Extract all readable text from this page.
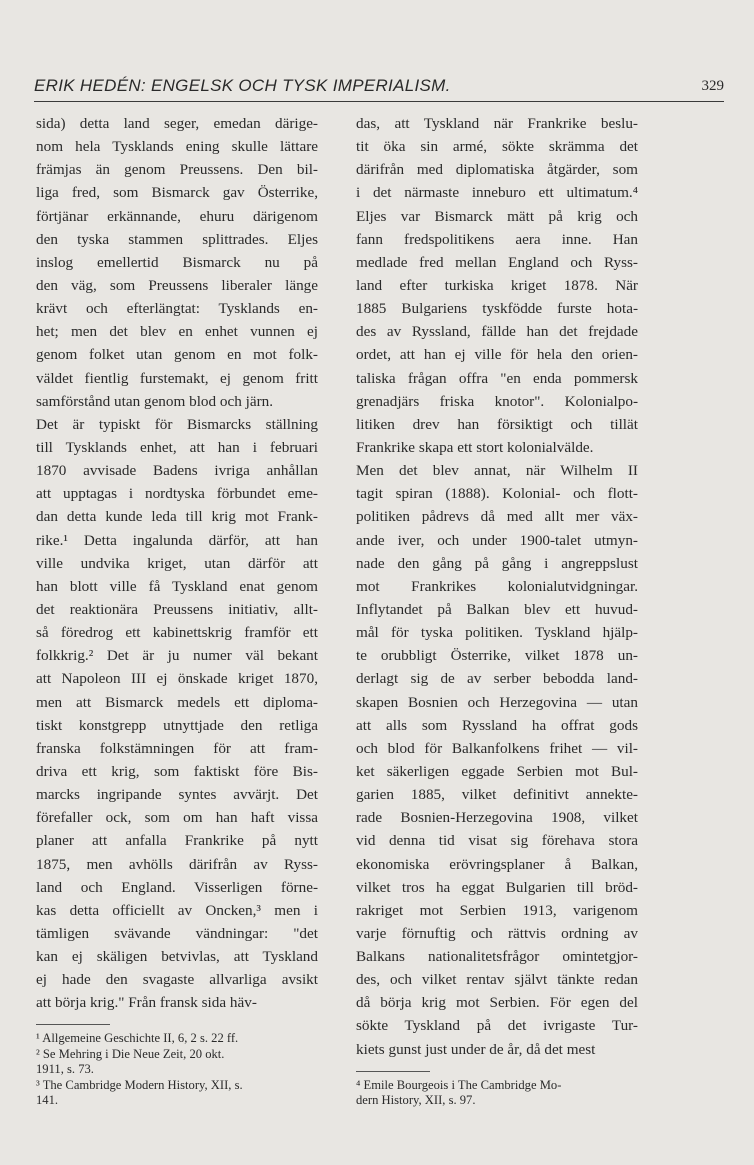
ERIK HEDÉN: ENGELSK OCH TYSK IMPERIALISM.	329
sida) detta land seger, emedan därige-
nom hela Tysklands ening skulle lättare
främjas än genom Preussens. Den bil-
liga fred, som Bismarck gav Österrike,
förtjänar erkännande, ehuru därigenom
den tyska stammen splittrades. Eljes
inslog emellertid Bismarck nu på
den väg, som Preussens liberaler länge
krävt och efterlängtat: Tysklands en-
het; men det blev en enhet vunnen ej
genom folket utan genom en mot folk-
väldet fientlig furstemakt, ej genom fritt
samförstånd utan genom blod och järn.
Det är typiskt för Bismarcks ställning
till Tysklands enhet, att han i februari
1870 avvisade Badens ivriga anhållan
att upptagas i nordtyska förbundet eme-
dan detta kunde leda till krig mot Frank-
rike.¹ Detta ingalunda därför, att han
ville undvika kriget, utan därför att
han blott ville få Tyskland enat genom
det reaktionära Preussens initiativ, allt-
så föredrog ett kabinettskrig framför ett
folkkrig.² Det är ju numer väl bekant
att Napoleon III ej önskade kriget 1870,
men att Bismarck medels ett diploma-
tiskt konstgrepp utnyttjade den retliga
franska folkstämningen för att fram-
driva ett krig, som faktiskt före Bis-
marcks ingripande syntes avvärjt. Det
förefaller ock, som om han haft vissa
planer att anfalla Frankrike på nytt
1875, men avhölls därifrån av Ryss-
land och England. Visserligen förne-
kas detta officiellt av Oncken,³ men i
tämligen svävande vändningar: "det
kan ej skäligen betvivlas, att Tyskland
ej hade den svagaste allvarliga avsikt
att börja krig." Från fransk sida häv-
¹ Allgemeine Geschichte II, 6, 2 s. 22 ff.
² Se Mehring i Die Neue Zeit, 20 okt.
1911, s. 73.
³ The Cambridge Modern History, XII, s.
141.
das, att Tyskland när Frankrike beslu-
tit öka sin armé, sökte skrämma det
därifrån med diplomatiska åtgärder, som
i det närmaste inneburo ett ultimatum.⁴
Eljes var Bismarck mätt på krig och
fann fredspolitikens aera inne. Han
medlade fred mellan England och Ryss-
land efter turkiska kriget 1878. När
1885 Bulgariens tyskfödde furste hota-
des av Ryssland, fällde han det frejdade
ordet, att han ej ville för hela den orien-
taliska frågan offra "en enda pommersk
grenadjärs friska knotor". Kolonialpo-
litiken drev han försiktigt och tillät
Frankrike skapa ett stort kolonialvälde.
Men det blev annat, när Wilhelm II
tagit spiran (1888). Kolonial- och flott-
politiken pådrevs då med allt mer väx-
ande iver, och under 1900-talet utmyn-
nade den gång på gång i angreppslust
mot Frankrikes kolonialutvidgningar.
Inflytandet på Balkan blev ett huvud-
mål för tyska politiken. Tyskland hjälp-
te orubbligt Österrike, vilket 1878 un-
derlagt sig de av serber bebodda land-
skapen Bosnien och Herzegovina — utan
att alls som Ryssland ha offrat gods
och blod för Balkanfolkens frihet — vil-
ket säkerligen eggade Serbien mot Bul-
garien 1885, vilket definitivt annekte-
rade Bosnien-Herzegovina 1908, vilket
vid denna tid visat sig förehava stora
ekonomiska erövringsplaner å Balkan,
vilket tros ha eggat Bulgarien till bröd-
rakriget mot Serbien 1913, varigenom
varje förnuftig och rättvis ordning av
Balkans nationalitetsfrågor omintetgjor-
des, och vilket rentav självt tänkte redan
då börja krig mot Serbien. För egen del
sökte Tyskland på det ivrigaste Tur-
kiets gunst just under de år, då det mest
⁴ Emile Bourgeois i The Cambridge Mo-
dern History, XII, s. 97.
